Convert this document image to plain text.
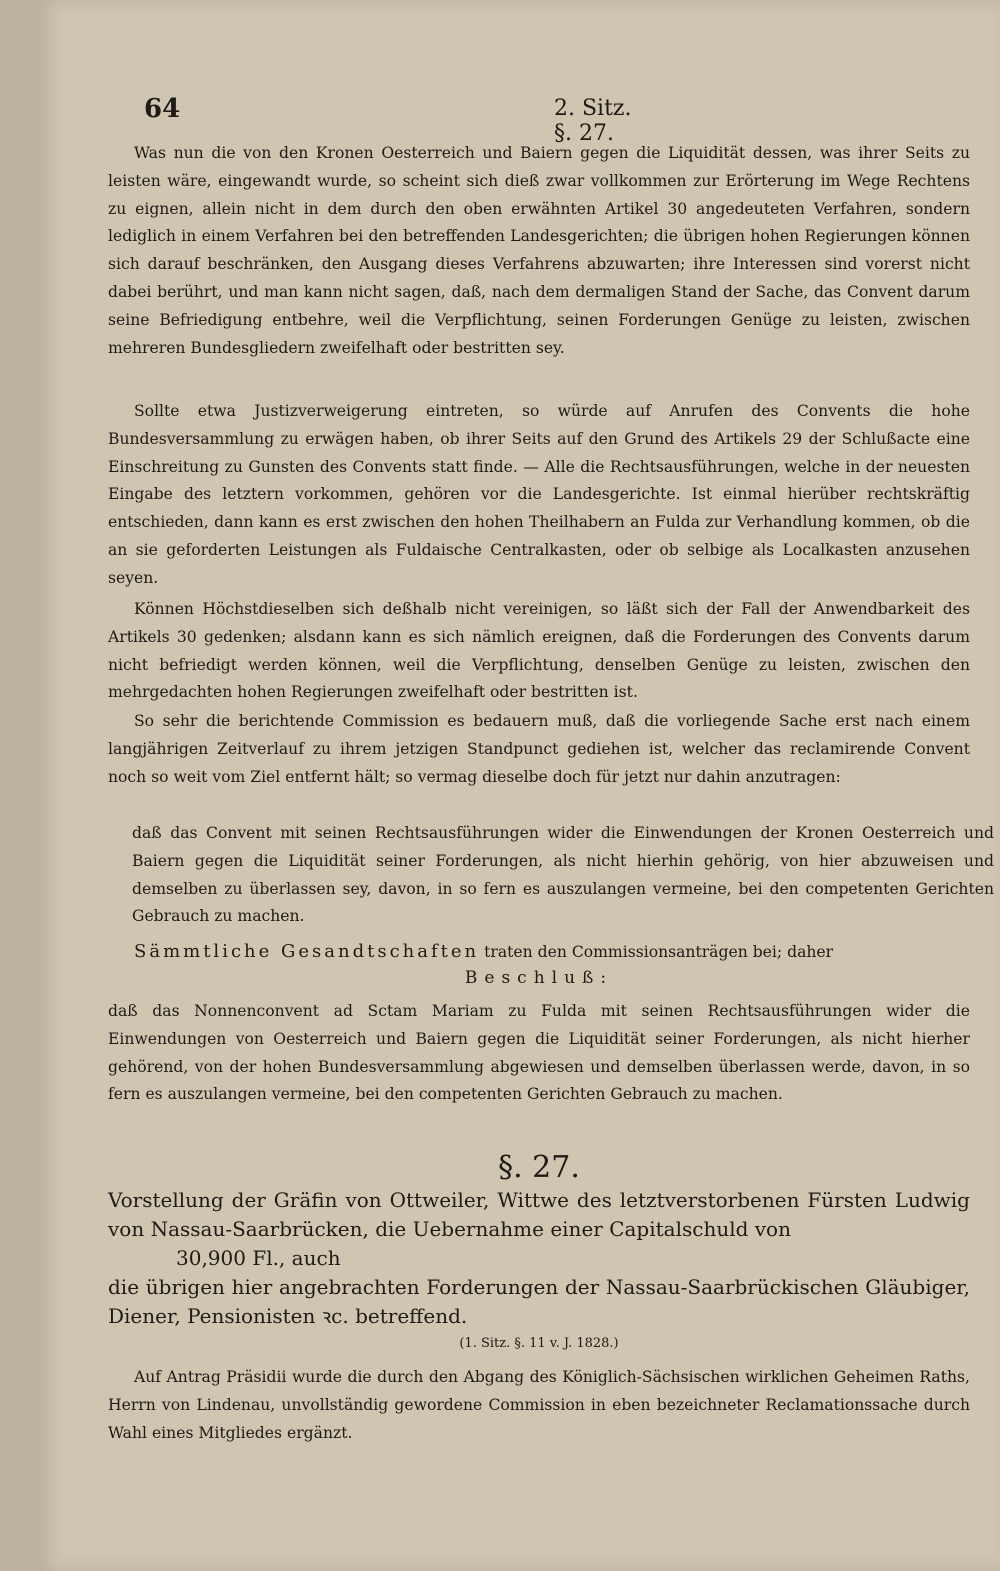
64	2. Sitz. §. 27.

Was nun die von den Kronen Oesterreich und Baiern gegen die Liquidität dessen, was ihrer Seits zu leisten wäre, eingewandt wurde, so scheint sich dieß zwar vollkommen zur Erörterung im Wege Rechtens zu eignen, allein nicht in dem durch den oben erwähnten Artikel 30 angedeuteten Verfahren, sondern lediglich in einem Verfahren bei den betreffenden Landesgerichten; die übrigen hohen Regierungen können sich darauf beschränken, den Ausgang dieses Verfahrens abzuwarten; ihre Interessen sind vorerst nicht dabei berührt, und man kann nicht sagen, daß, nach dem dermaligen Stand der Sache, das Convent darum seine Befriedigung entbehre, weil die Verpflichtung, seinen Forderungen Genüge zu leisten, zwischen mehreren Bundesgliedern zweifelhaft oder bestritten sey.

Sollte etwa Justizverweigerung eintreten, so würde auf Anrufen des Convents die hohe Bundesversammlung zu erwägen haben, ob ihrer Seits auf den Grund des Artikels 29 der Schlußacte eine Einschreitung zu Gunsten des Convents statt finde. — Alle die Rechtsausführungen, welche in der neuesten Eingabe des letztern vorkommen, gehören vor die Landesgerichte. Ist einmal hierüber rechtskräftig entschieden, dann kann es erst zwischen den hohen Theilhabern an Fulda zur Verhandlung kommen, ob die an sie geforderten Leistungen als Fuldaische Centralkasten, oder ob selbige als Localkasten anzusehen seyen.

Können Höchstdieselben sich deßhalb nicht vereinigen, so läßt sich der Fall der Anwendbarkeit des Artikels 30 gedenken; alsdann kann es sich nämlich ereignen, daß die Forderungen des Convents darum nicht befriedigt werden können, weil die Verpflichtung, denselben Genüge zu leisten, zwischen den mehrgedachten hohen Regierungen zweifelhaft oder bestritten ist.

So sehr die berichtende Commission es bedauern muß, daß die vorliegende Sache erst nach einem langjährigen Zeitverlauf zu ihrem jetzigen Standpunct gediehen ist, welcher das reclamirende Convent noch so weit vom Ziel entfernt hält; so vermag dieselbe doch für jetzt nur dahin anzutragen:

daß das Convent mit seinen Rechtsausführungen wider die Einwendungen der Kronen Oesterreich und Baiern gegen die Liquidität seiner Forderungen, als nicht hierhin gehörig, von hier abzuweisen und demselben zu überlassen sey, davon, in so fern es auszulangen vermeine, bei den competenten Gerichten Gebrauch zu machen.

Sämmtliche Gesandtschaften traten den Commissionsanträgen bei; daher

Beschluß:

daß das Nonnenconvent ad Sctam Mariam zu Fulda mit seinen Rechtsausführungen wider die Einwendungen von Oesterreich und Baiern gegen die Liquidität seiner Forderungen, als nicht hierher gehörend, von der hohen Bundesversammlung abgewiesen und demselben überlassen werde, davon, in so fern es auszulangen vermeine, bei den competenten Gerichten Gebrauch zu machen.

§. 27.

Vorstellung der Gräfin von Ottweiler, Wittwe des letztverstorbenen Fürsten Ludwig von Nassau-Saarbrücken, die Uebernahme einer Capitalschuld von
30,900 Fl., auch
die übrigen hier angebrachten Forderungen der Nassau-Saarbrückischen Gläubiger, Diener, Pensionisten ꝛc. betreffend.

(1. Sitz. §. 11 v. J. 1828.)

Auf Antrag Präsidii wurde die durch den Abgang des Königlich-Sächsischen wirklichen Geheimen Raths, Herrn von Lindenau, unvollständig gewordene Commission in eben bezeichneter Reclamationssache durch Wahl eines Mitgliedes ergänzt.
